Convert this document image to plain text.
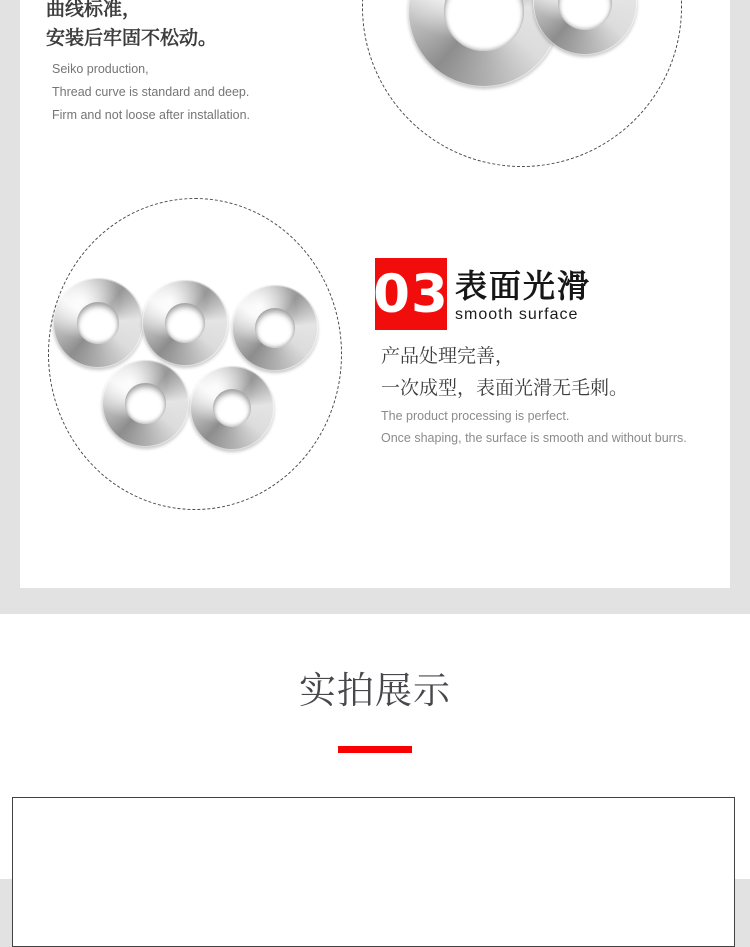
曲线标准，
安装后牢固不松动。
Seiko production,
Thread curve is standard and deep.
Firm and not loose after installation.
03 表面光滑
smooth surface
产品处理完善，
一次成型，表面光滑无毛刺。
The product processing is perfect.
Once shaping, the surface is smooth and without burrs.
实拍展示
